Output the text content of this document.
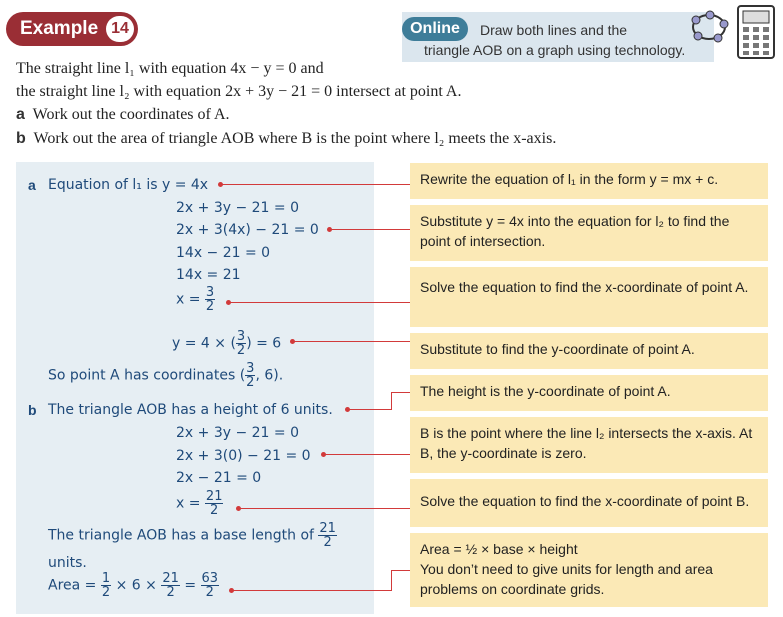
Example 14	Online	Draw both lines and the
triangle AOB on a graph using technology.
The straight line l₁ with equation 4x − y = 0 and
the straight line l₂ with equation 2x + 3y − 21 = 0 intersect at point A.
a Work out the coordinates of A.
b Work out the area of triangle AOB where B is the point where l₂ meets the x-axis.
a Equation of l₁ is y = 4x
2x + 3y − 21 = 0
2x + 3(4x) − 21 = 0
14x − 21 = 0
14x = 21
$x = \frac{3}{2}$
y = 4 × ( $\frac{3}{2}$ ) = 6
So point A has coordinates ( $\frac{3}{2}$ , 6).
b The triangle AOB has a height of 6 units.
2x + 3y − 21 = 0
2x + 3(0) − 21 = 0
2x − 21 = 0
$x = \frac{21}{2}$
The triangle AOB has a base length of $\frac{21}{2}$
units.
Area = $\frac{1}{2} \times 6 \times \frac{21}{2} = \frac{63}{2}$
Rewrite the equation of l₁ in the form y = mx + c.
Substitute y = 4x into the equation for l₂ to find the point of intersection.
Solve the equation to find the x-coordinate of point A.
Substitute to find the y-coordinate of point A.
The height is the y-coordinate of point A.
B is the point where the line l₂ intersects the x-axis. At B, the y-coordinate is zero.
Solve the equation to find the x-coordinate of point B.
Area = ½ × base × height
You don’t need to give units for length and area problems on coordinate grids.
